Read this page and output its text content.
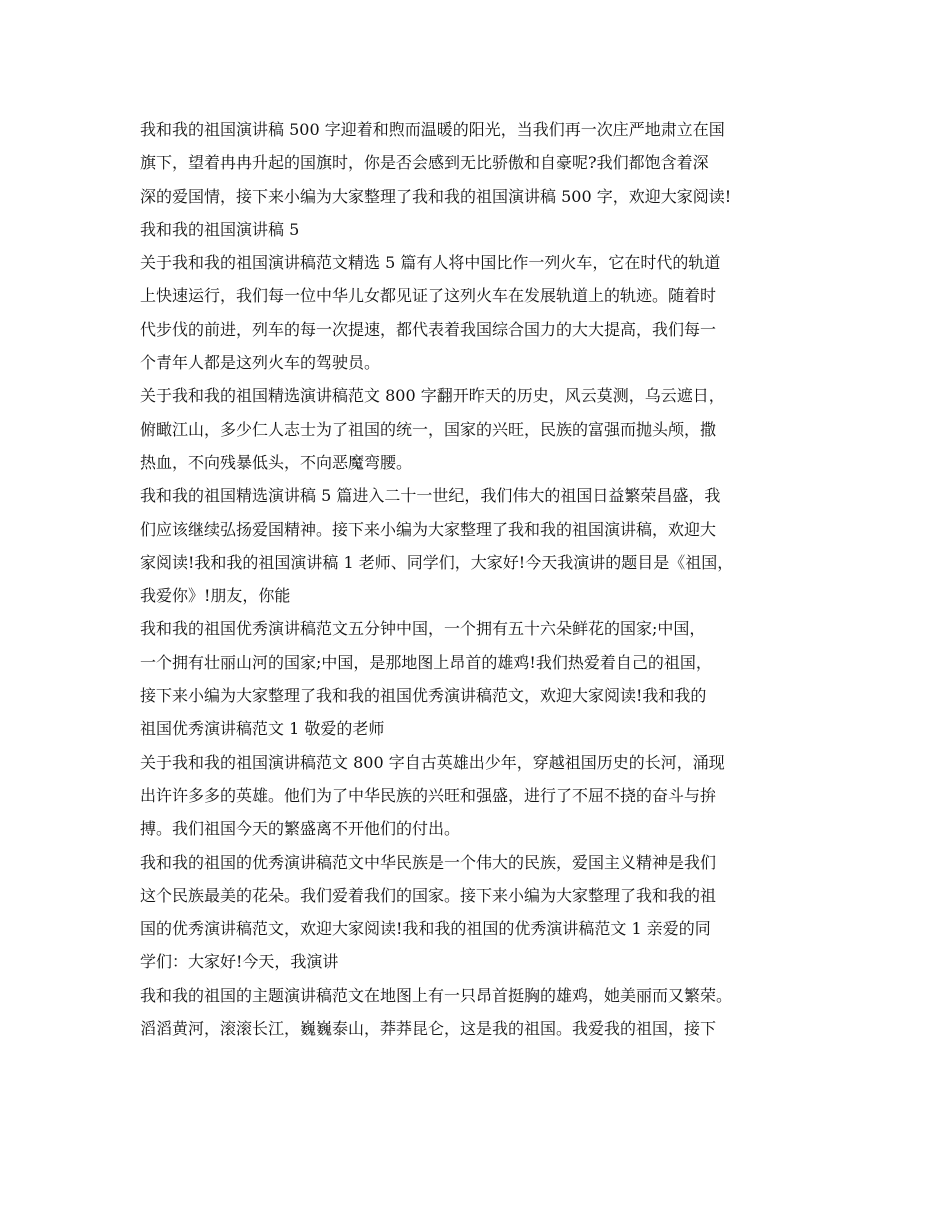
我和我的祖国演讲稿 500 字迎着和煦而温暖的阳光，当我们再一次庄严地肃立在国
旗下，望着冉冉升起的国旗时，你是否会感到无比骄傲和自豪呢?我们都饱含着深
深的爱国情，接下来小编为大家整理了我和我的祖国演讲稿 500 字，欢迎大家阅读!
我和我的祖国演讲稿 5
关于我和我的祖国演讲稿范文精选 5 篇有人将中国比作一列火车，它在时代的轨道
上快速运行，我们每一位中华儿女都见证了这列火车在发展轨道上的轨迹。随着时
代步伐的前进，列车的每一次提速，都代表着我国综合国力的大大提高，我们每一
个青年人都是这列火车的驾驶员。
关于我和我的祖国精选演讲稿范文 800 字翻开昨天的历史，风云莫测，乌云遮日，
俯瞰江山，多少仁人志士为了祖国的统一，国家的兴旺，民族的富强而抛头颅，撒
热血，不向残暴低头，不向恶魔弯腰。
我和我的祖国精选演讲稿 5 篇进入二十一世纪，我们伟大的祖国日益繁荣昌盛，我
们应该继续弘扬爱国精神。接下来小编为大家整理了我和我的祖国演讲稿，欢迎大
家阅读!我和我的祖国演讲稿 1 老师、同学们，大家好!今天我演讲的题目是《祖国，
我爱你》!朋友，你能
我和我的祖国优秀演讲稿范文五分钟中国，一个拥有五十六朵鲜花的国家;中国，
一个拥有壮丽山河的国家;中国，是那地图上昂首的雄鸡!我们热爱着自己的祖国，
接下来小编为大家整理了我和我的祖国优秀演讲稿范文，欢迎大家阅读!我和我的
祖国优秀演讲稿范文 1 敬爱的老师
关于我和我的祖国演讲稿范文 800 字自古英雄出少年，穿越祖国历史的长河，涌现
出许许多多的英雄。他们为了中华民族的兴旺和强盛，进行了不屈不挠的奋斗与拚
搏。我们祖国今天的繁盛离不开他们的付出。
我和我的祖国的优秀演讲稿范文中华民族是一个伟大的民族，爱国主义精神是我们
这个民族最美的花朵。我们爱着我们的国家。接下来小编为大家整理了我和我的祖
国的优秀演讲稿范文，欢迎大家阅读!我和我的祖国的优秀演讲稿范文 1 亲爱的同
学们：大家好!今天，我演讲
我和我的祖国的主题演讲稿范文在地图上有一只昂首挺胸的雄鸡，她美丽而又繁荣。
滔滔黄河，滚滚长江，巍巍泰山，莽莽昆仑，这是我的祖国。我爱我的祖国，接下
